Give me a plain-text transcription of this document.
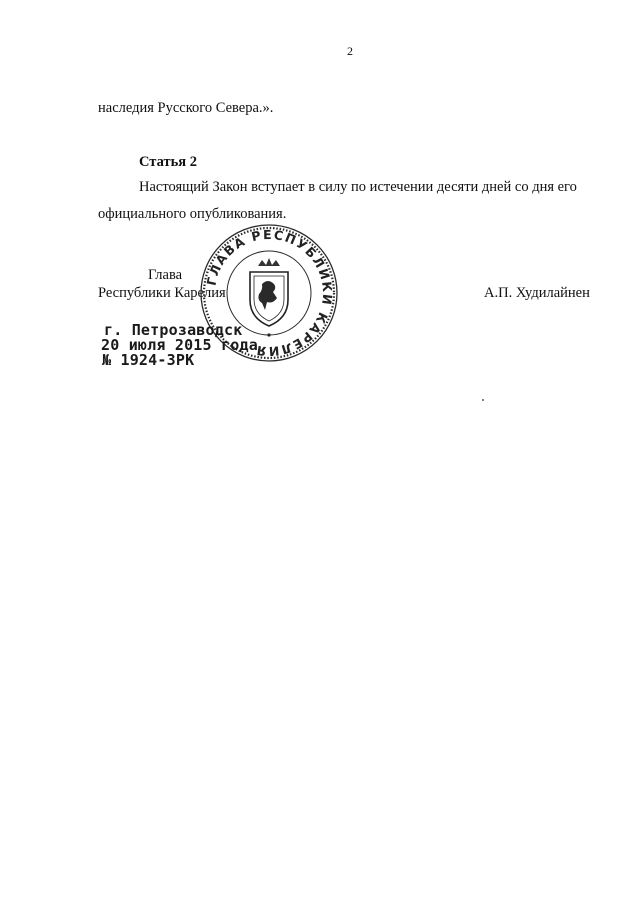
2
наследия Русского Севера.».
Статья 2
Настоящий Закон вступает в силу по истечении десяти дней со дня его
официального опубликования.
Глава
Республики Карелия	А.П. Худилайнен
ГЛАВА РЕСПУБЛИКИ КАРЕЛИЯ
г. Петрозаводск
20 июля 2015 года
№ 1924-ЗРК
